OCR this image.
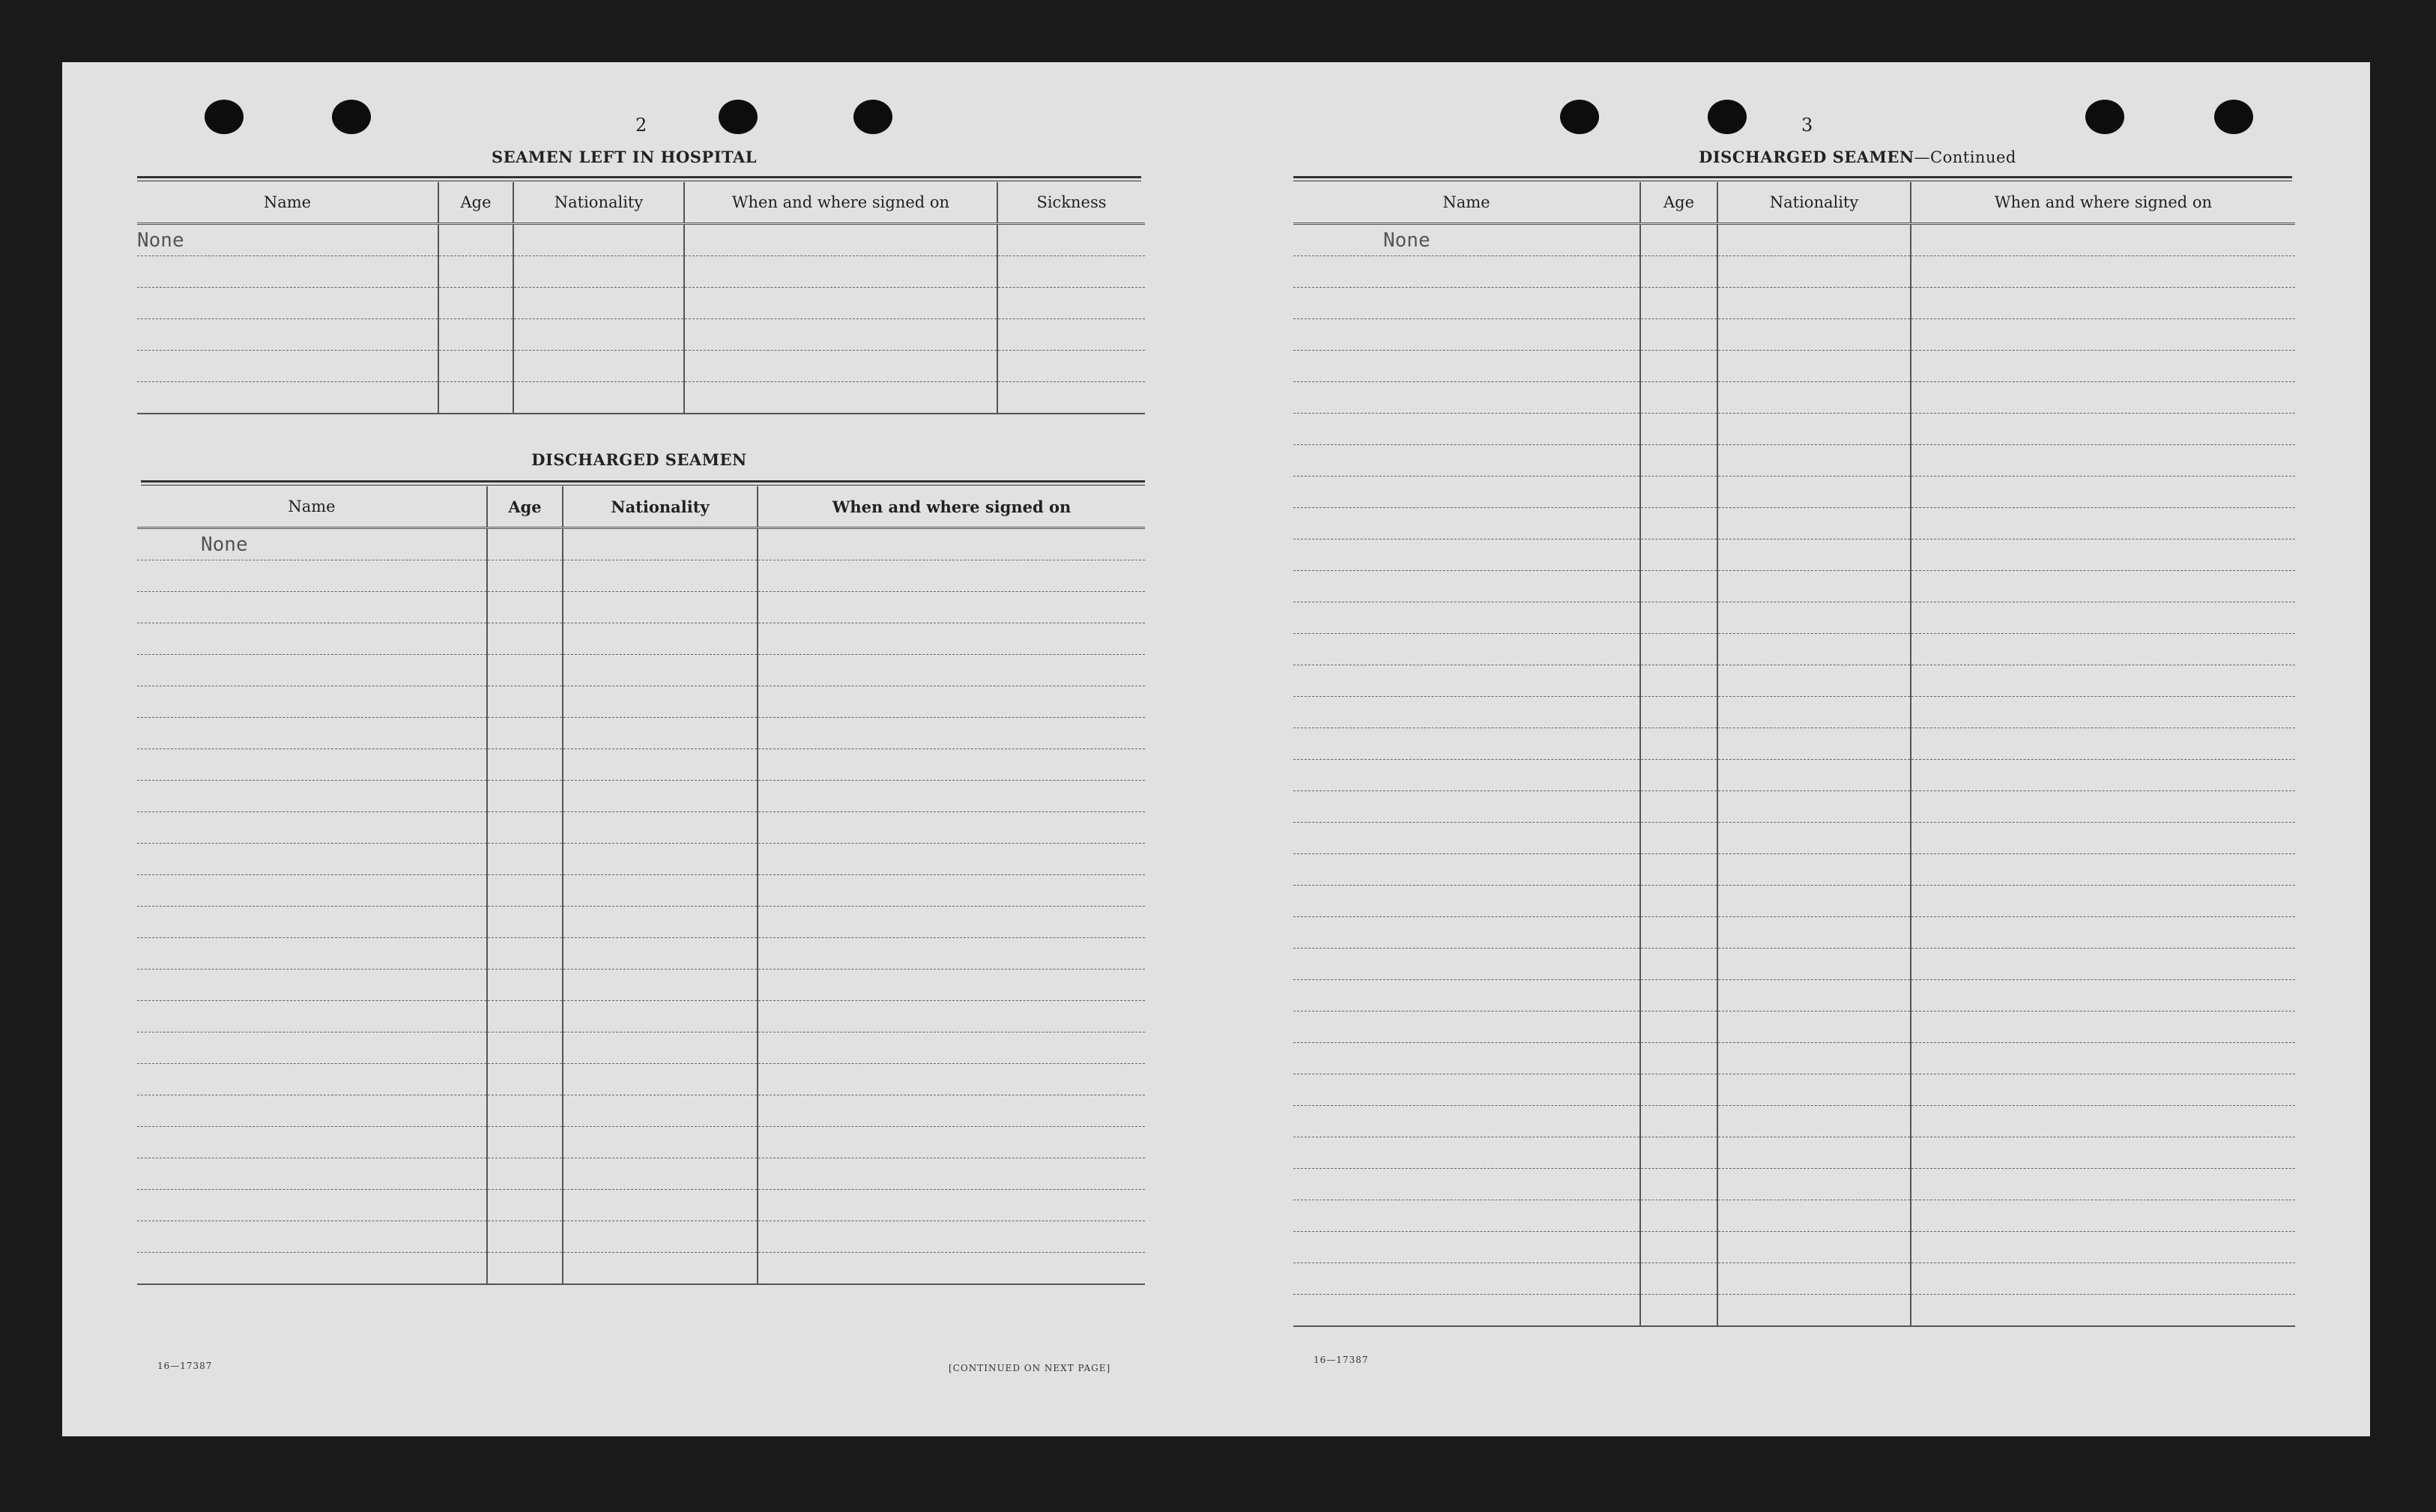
2
SEAMEN LEFT IN HOSPITAL
Name	Age	Nationality	When and where signed on	Sickness
None				

DISCHARGED SEAMEN
Name	Age	Nationality	When and where signed on
None			

16—17387	[CONTINUED ON NEXT PAGE]
3
DISCHARGED SEAMEN—Continued
Name	Age	Nationality	When and where signed on
None			

16—17387
